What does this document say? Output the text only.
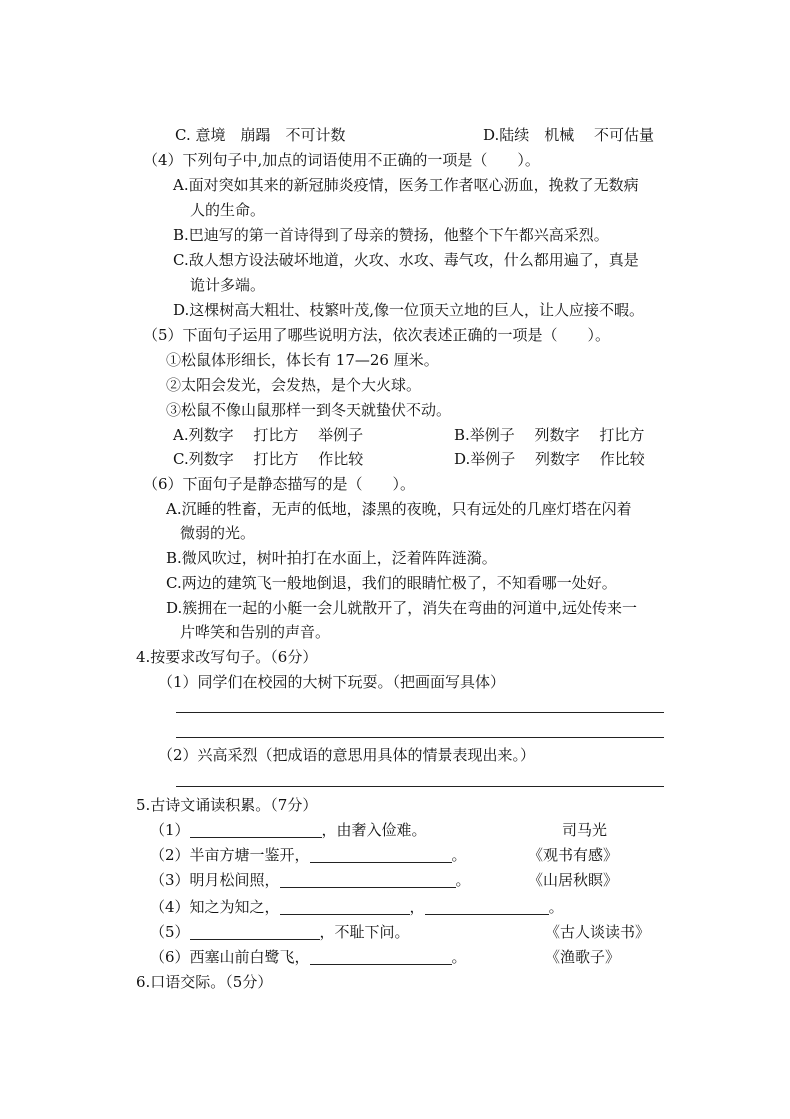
C. 意境　崩蹋　不可计数	D.陆续　机械　 不可估量
（4）下列句子中,加点的词语使用不正确的一项是（　　）。
A.面对突如其来的新冠肺炎疫情，医务工作者呕心沥血，挽救了无数病
人的生命。
B.巴迪写的第一首诗得到了母亲的赞扬，他整个下午都兴高采烈。
C.敌人想方设法破坏地道，火攻、水攻、毒气攻，什么都用遍了，真是
诡计多端。
D.这棵树高大粗壮、枝繁叶茂,像一位顶天立地的巨人，让人应接不暇。
（5）下面句子运用了哪些说明方法，依次表述正确的一项是（　　）。
①松鼠体形细长，体长有 17—26 厘米。
②太阳会发光，会发热，是个大火球。
③松鼠不像山鼠那样一到冬天就蛰伏不动。
A.列数字　 打比方　 举例子	B.举例子　 列数字　 打比方
C.列数字　 打比方　 作比较	D.举例子　 列数字　 作比较
（6）下面句子是静态描写的是（　　）。
A.沉睡的牲畜，无声的低地，漆黑的夜晚，只有远处的几座灯塔在闪着
微弱的光。
B.微风吹过，树叶拍打在水面上，泛着阵阵涟漪。
C.两边的建筑飞一般地倒退，我们的眼睛忙极了，不知看哪一处好。
D.簇拥在一起的小艇一会儿就散开了，消失在弯曲的河道中,远处传来一
片哗笑和告别的声音。
4.按要求改写句子。（6分）
（1）同学们在校园的大树下玩耍。（把画面写具体）
（2）兴高采烈（把成语的意思用具体的情景表现出来。）
5.古诗文诵读积累。（7分）
（1）	，由奢入俭难。	司马光
（2）半亩方塘一鉴开，	。	《观书有感》
（3）明月松间照，	。	《山居秋瞑》
（4）知之为知之，	，	。
（5）	，不耻下问。	《古人谈读书》
（6）西塞山前白鹭飞，	。	《渔歌子》
6.口语交际。（5分）
